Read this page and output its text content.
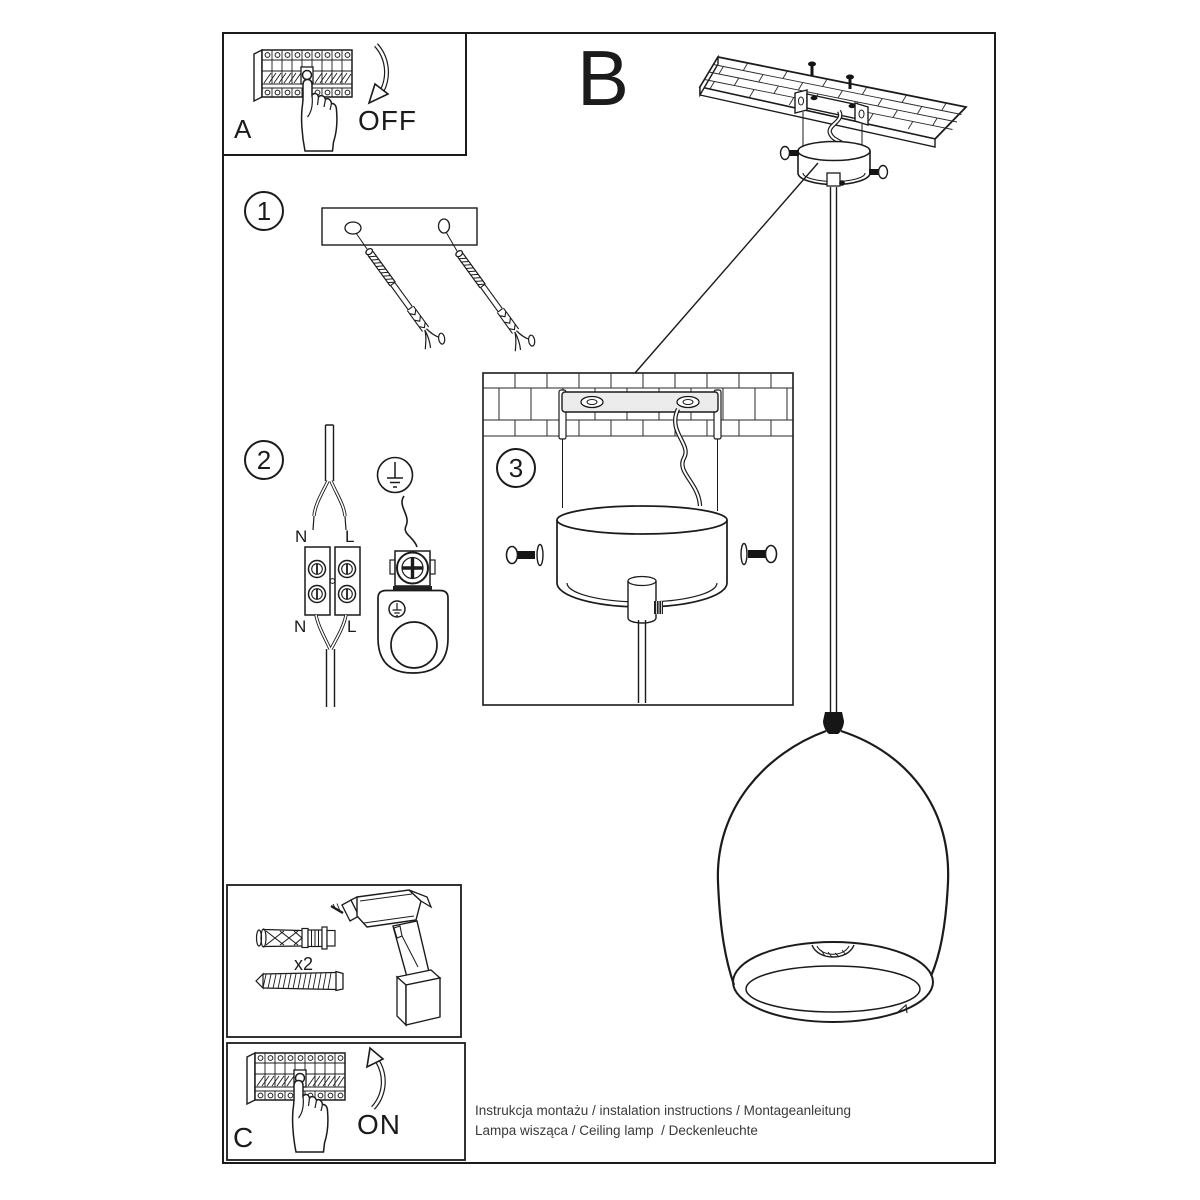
A	OFF B
1
2	3
N L
N L
x2
C	ON	Instrukcja montażu / instalation instructions / Montageanleitung
Lampa wisząca / Ceiling lamp  / Deckenleuchte
